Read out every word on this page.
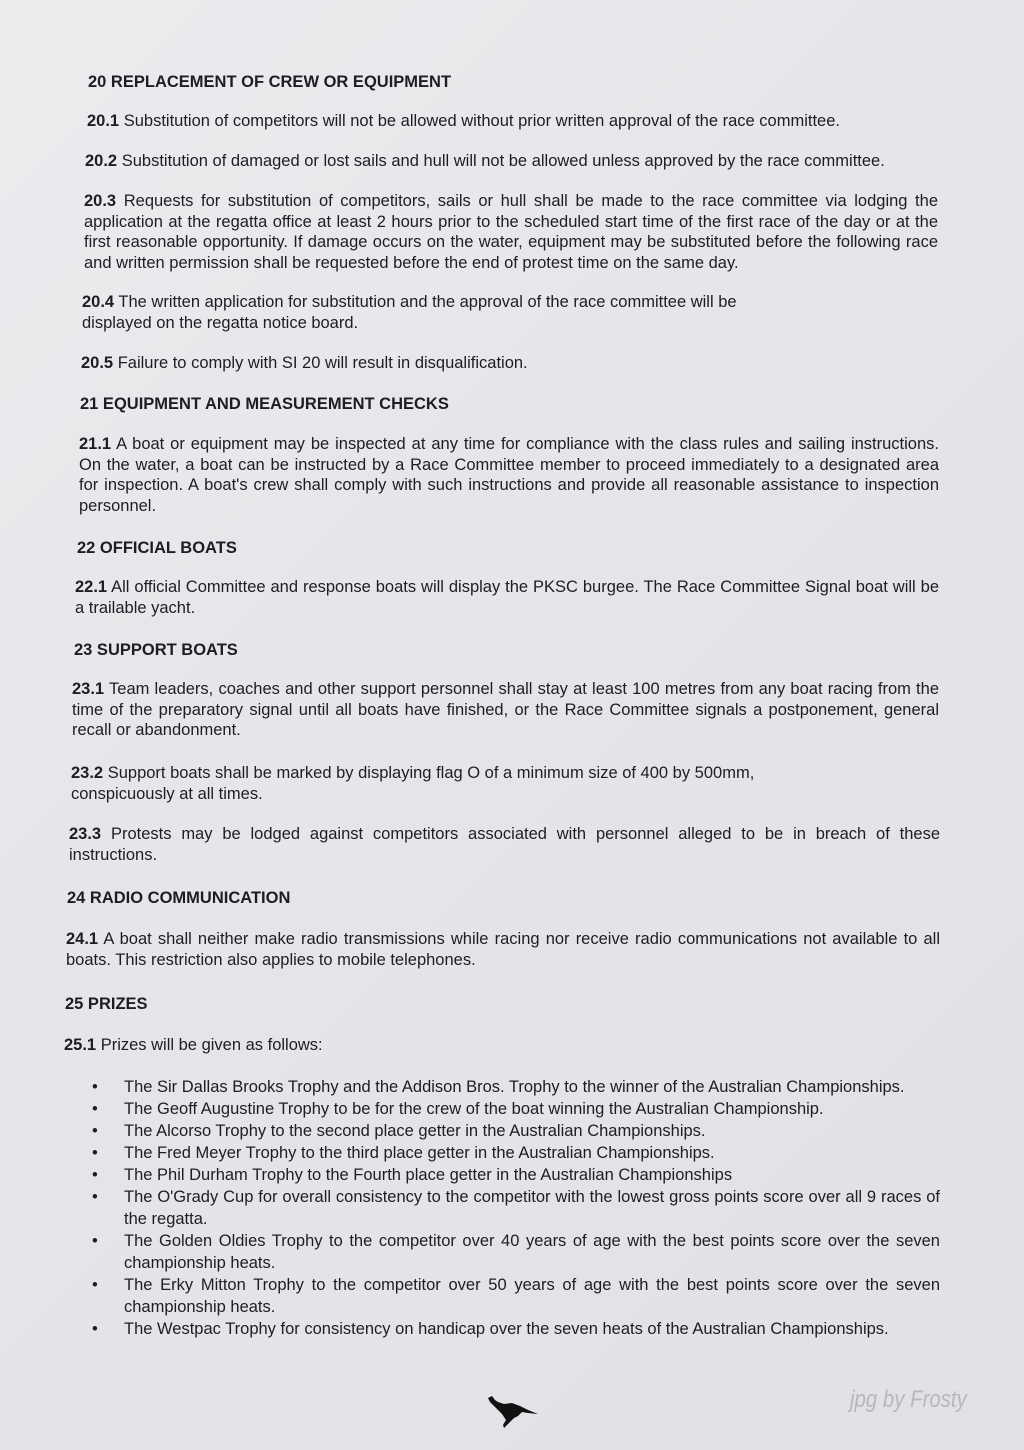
20 REPLACEMENT OF CREW OR EQUIPMENT
20.1 Substitution of competitors will not be allowed without prior written approval of the race committee.
20.2 Substitution of damaged or lost sails and hull will not be allowed unless approved by the race committee.
20.3 Requests for substitution of competitors, sails or hull shall be made to the race committee via lodging the application at the regatta office at least 2 hours prior to the scheduled start time of the first race of the day or at the first reasonable opportunity. If damage occurs on the water, equipment may be substituted before the following race and written permission shall be requested before the end of protest time on the same day.
20.4 The written application for substitution and the approval of the race committee will be displayed on the regatta notice board.
20.5 Failure to comply with SI 20 will result in disqualification.
21 EQUIPMENT AND MEASUREMENT CHECKS
21.1 A boat or equipment may be inspected at any time for compliance with the class rules and sailing instructions. On the water, a boat can be instructed by a Race Committee member to proceed immediately to a designated area for inspection. A boat's crew shall comply with such instructions and provide all reasonable assistance to inspection personnel.
22 OFFICIAL BOATS
22.1 All official Committee and response boats will display the PKSC burgee. The Race Committee Signal boat will be a trailable yacht.
23 SUPPORT BOATS
23.1 Team leaders, coaches and other support personnel shall stay at least 100 metres from any boat racing from the time of the preparatory signal until all boats have finished, or the Race Committee signals a postponement, general recall or abandonment.
23.2 Support boats shall be marked by displaying flag O of a minimum size of 400 by 500mm, conspicuously at all times.
23.3 Protests may be lodged against competitors associated with personnel alleged to be in breach of these instructions.
24 RADIO COMMUNICATION
24.1 A boat shall neither make radio transmissions while racing nor receive radio communications not available to all boats. This restriction also applies to mobile telephones.
25 PRIZES
25.1 Prizes will be given as follows:
• The Sir Dallas Brooks Trophy and the Addison Bros. Trophy to the winner of the Australian Championships.
• The Geoff Augustine Trophy to be for the crew of the boat winning the Australian Championship.
• The Alcorso Trophy to the second place getter in the Australian Championships.
• The Fred Meyer Trophy to the third place getter in the Australian Championships.
• The Phil Durham Trophy to the Fourth place getter in the Australian Championships
• The O'Grady Cup for overall consistency to the competitor with the lowest gross points score over all 9 races of the regatta.
• The Golden Oldies Trophy to the competitor over 40 years of age with the best points score over the seven championship heats.
• The Erky Mitton Trophy to the competitor over 50 years of age with the best points score over the seven championship heats.
• The Westpac Trophy for consistency on handicap over the seven heats of the Australian Championships.
jpg by Frosty
